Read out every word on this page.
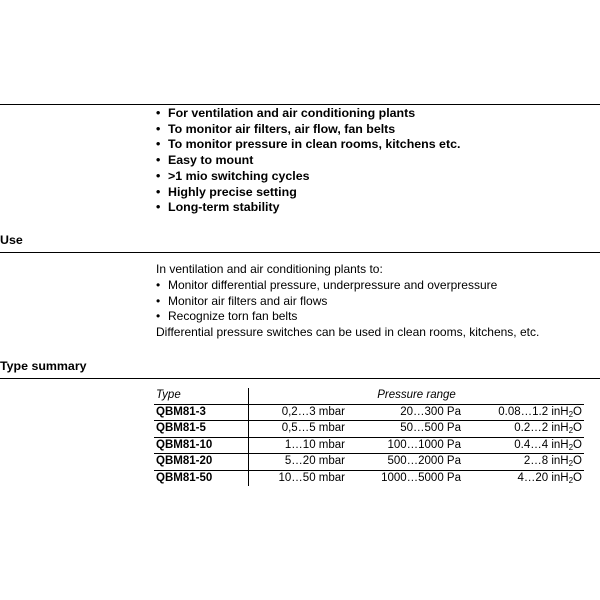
• For ventilation and air conditioning plants
• To monitor air filters, air flow, fan belts
• To monitor pressure in clean rooms, kitchens etc.
• Easy to mount
• >1 mio switching cycles
• Highly precise setting
• Long-term stability
Use
In ventilation and air conditioning plants to:
• Monitor differential pressure, underpressure and overpressure
• Monitor air filters and air flows
• Recognize torn fan belts
Differential pressure switches can be used in clean rooms, kitchens, etc.
Type summary
Type	Pressure range		
QBM81-3	0,2…3 mbar	20…300 Pa	0.08…1.2 inH2O
QBM81-5	0,5…5 mbar	50…500 Pa	0.2…2 inH2O
QBM81-10	1…10 mbar	100…1000 Pa	0.4…4 inH2O
QBM81-20	5…20 mbar	500…2000 Pa	2…8 inH2O
QBM81-50	10…50 mbar	1000…5000 Pa	4…20 inH2O
